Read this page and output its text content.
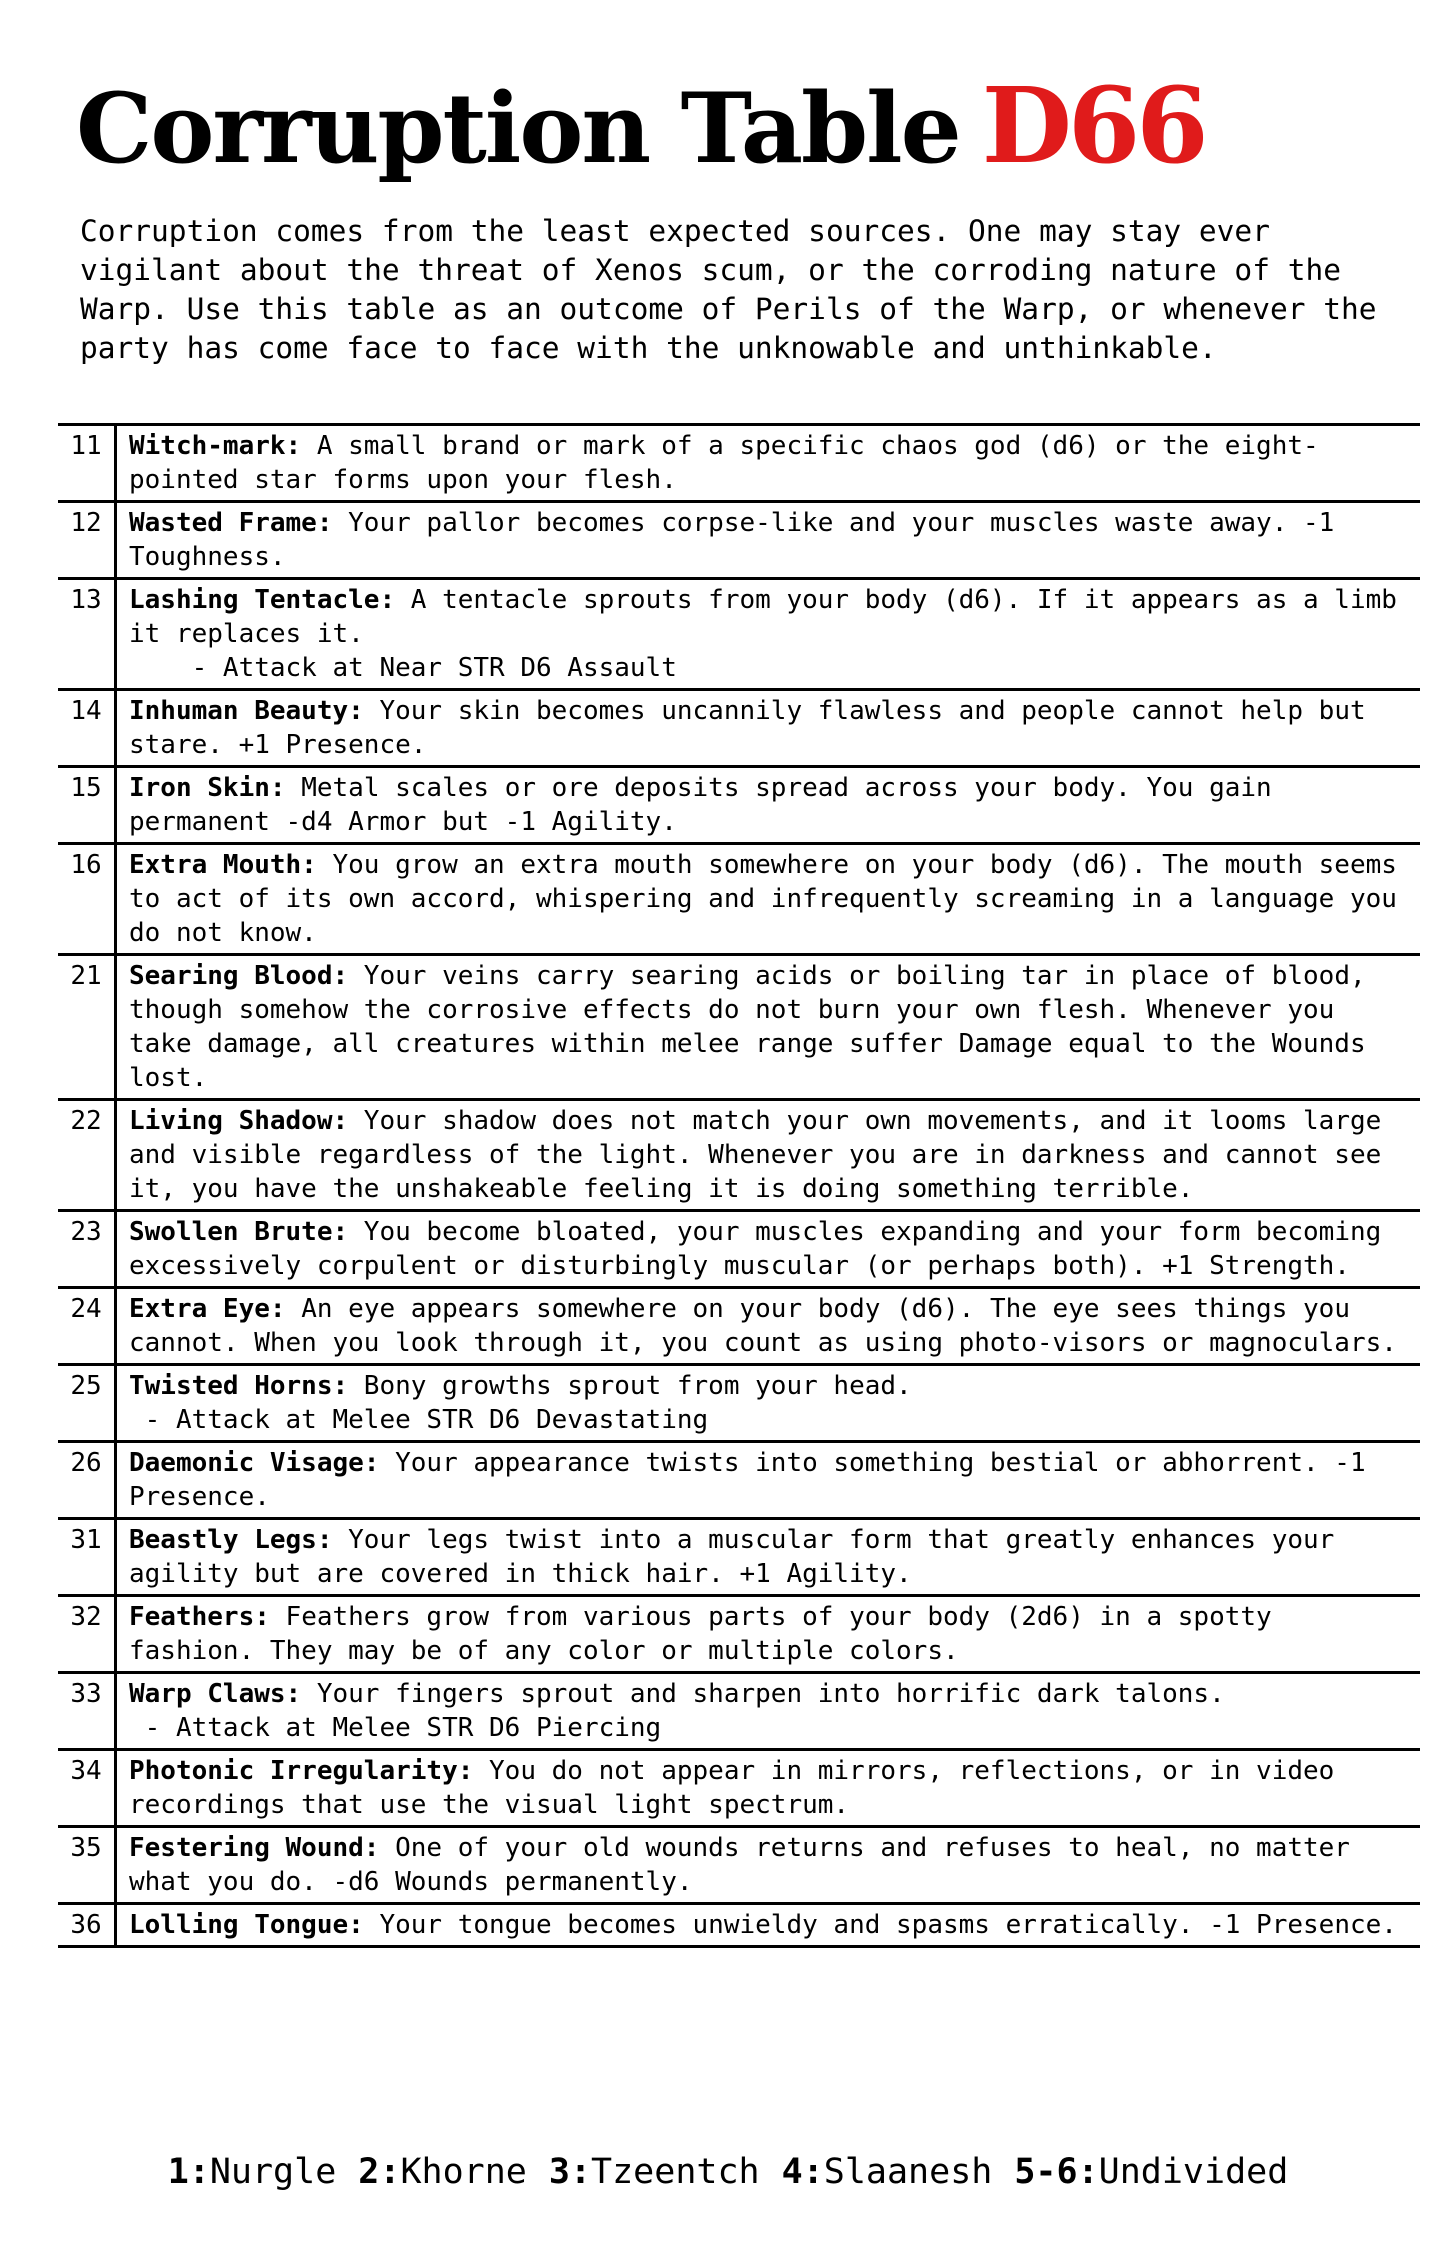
Corruption Table D66

Corruption comes from the least expected sources. One may stay ever vigilant about the threat of Xenos scum, or the corroding nature of the Warp. Use this table as an outcome of Perils of the Warp, or whenever the party has come face to face with the unknowable and unthinkable.

11	Witch-mark: A small brand or mark of a specific chaos god (d6) or the eight-pointed star forms upon your flesh.
12	Wasted Frame: Your pallor becomes corpse-like and your muscles waste away. -1 Toughness.
13	Lashing Tentacle: A tentacle sprouts from your body (d6). If it appears as a limb it replaces it.
- Attack at Near STR D6 Assault

14	Inhuman Beauty: Your skin becomes uncannily flawless and people cannot help but stare. +1 Presence.
15	Iron Skin: Metal scales or ore deposits spread across your body. You gain permanent -d4 Armor but -1 Agility.
16	Extra Mouth: You grow an extra mouth somewhere on your body (d6). The mouth seems to act of its own accord, whispering and infrequently screaming in a language you do not know.
21	Searing Blood: Your veins carry searing acids or boiling tar in place of blood, though somehow the corrosive effects do not burn your own flesh. Whenever you take damage, all creatures within melee range suffer Damage equal to the Wounds lost.
22	Living Shadow: Your shadow does not match your own movements, and it looms large and visible regardless of the light. Whenever you are in darkness and cannot see it, you have the unshakeable feeling it is doing something terrible.
23	Swollen Brute: You become bloated, your muscles expanding and your form becoming excessively corpulent or disturbingly muscular (or perhaps both). +1 Strength.
24	Extra Eye: An eye appears somewhere on your body (d6). The eye sees things you cannot. When you look through it, you count as using photo-visors or magnoculars.
25	Twisted Horns: Bony growths sprout from your head.
- Attack at Melee STR D6 Devastating

26	Daemonic Visage: Your appearance twists into something bestial or abhorrent. -1 Presence.
31	Beastly Legs: Your legs twist into a muscular form that greatly enhances your agility but are covered in thick hair. +1 Agility.
32	Feathers: Feathers grow from various parts of your body (2d6) in a spotty fashion. They may be of any color or multiple colors.
33	Warp Claws: Your fingers sprout and sharpen into horrific dark talons.
- Attack at Melee STR D6 Piercing

34	Photonic Irregularity: You do not appear in mirrors, reflections, or in video recordings that use the visual light spectrum.
35	Festering Wound: One of your old wounds returns and refuses to heal, no matter what you do. -d6 Wounds permanently.
36	Lolling Tongue: Your tongue becomes unwieldy and spasms erratically. -1 Presence.
1:Nurgle 2:Khorne 3:Tzeentch 4:Slaanesh 5-6:Undivided
